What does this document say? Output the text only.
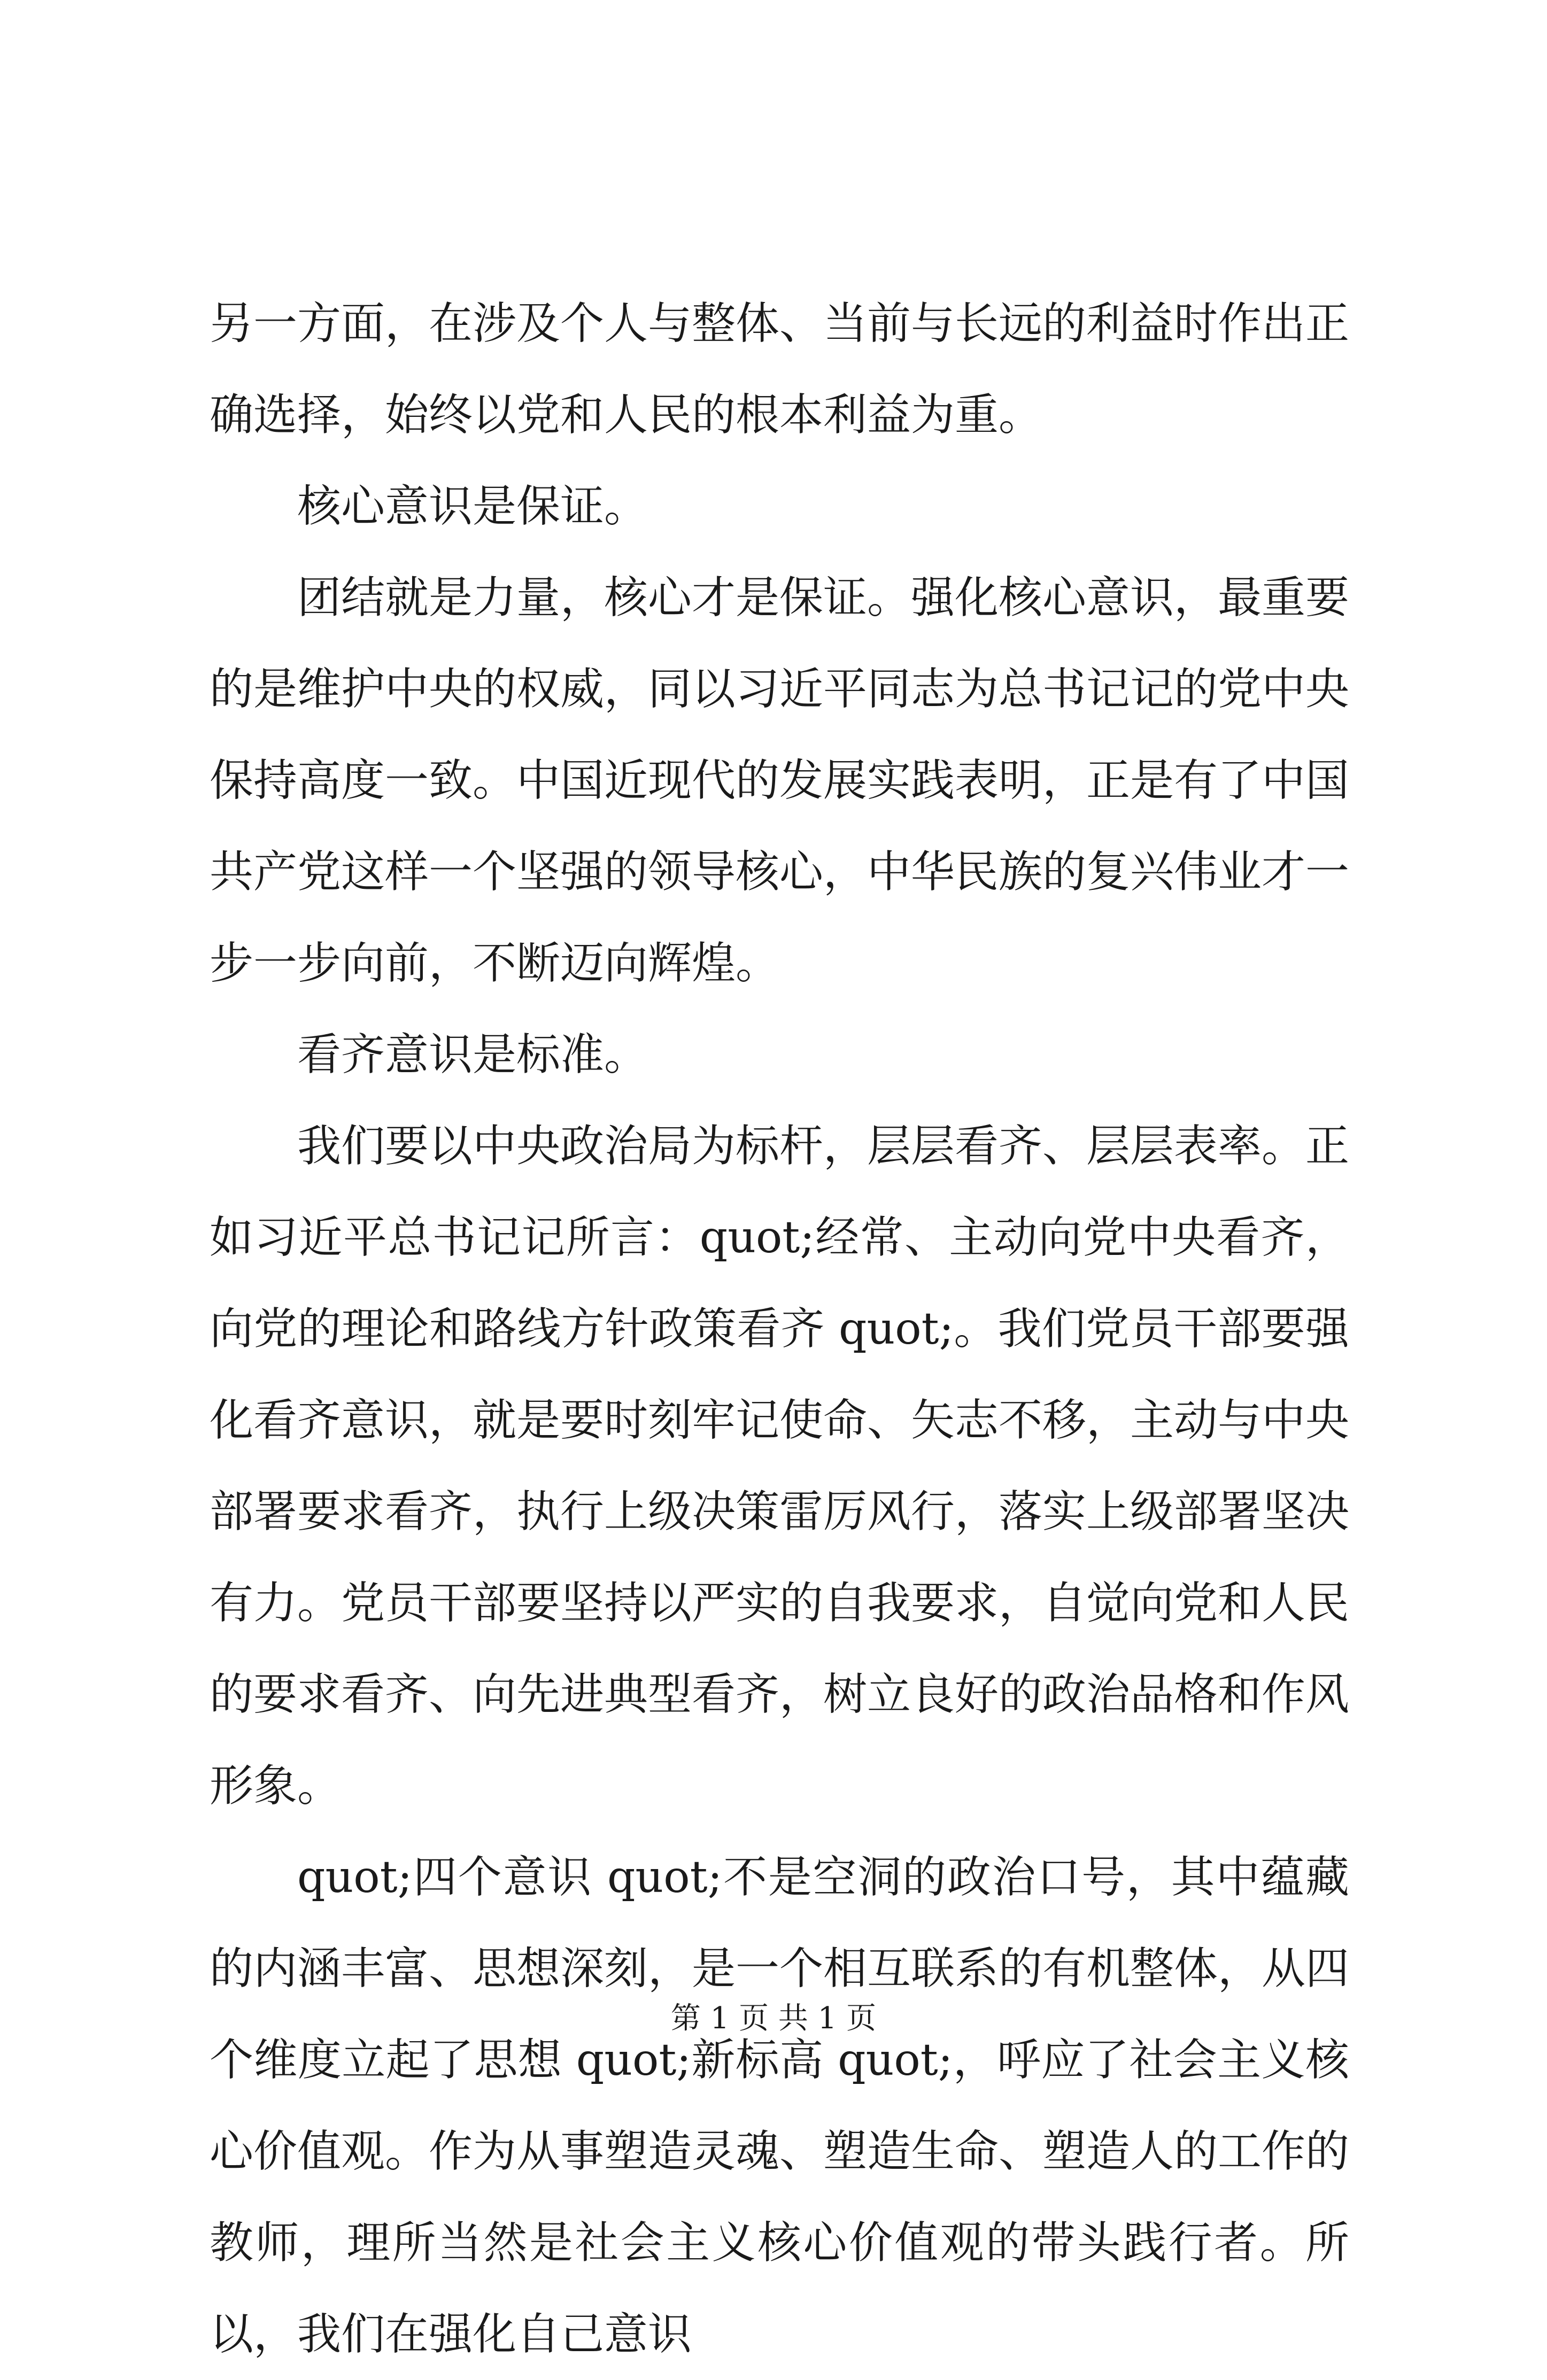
另一方面，在涉及个人与整体、当前与长远的利益时作出正确选择，始终以党和人民的根本利益为重。

核心意识是保证。

团结就是力量，核心才是保证。强化核心意识，最重要的是维护中央的权威，同以习近平同志为总书记记的党中央保持高度一致。中国近现代的发展实践表明，正是有了中国共产党这样一个坚强的领导核心，中华民族的复兴伟业才一步一步向前，不断迈向辉煌。

看齐意识是标准。

我们要以中央政治局为标杆，层层看齐、层层表率。正如习近平总书记记所言：quot;经常、主动向党中央看齐，向党的理论和路线方针政策看齐 quot;。我们党员干部要强化看齐意识，就是要时刻牢记使命、矢志不移，主动与中央部署要求看齐，执行上级决策雷厉风行，落实上级部署坚决有力。党员干部要坚持以严实的自我要求，自觉向党和人民的要求看齐、向先进典型看齐，树立良好的政治品格和作风形象。

quot;四个意识 quot;不是空洞的政治口号，其中蕴藏的内涵丰富、思想深刻，是一个相互联系的有机整体，从四个维度立起了思想 quot;新标高 quot;，呼应了社会主义核心价值观。作为从事塑造灵魂、塑造生命、塑造人的工作的教师，理所当然是社会主义核心价值观的带头践行者。所以，我们在强化自己意识

第 1 页 共 1 页
